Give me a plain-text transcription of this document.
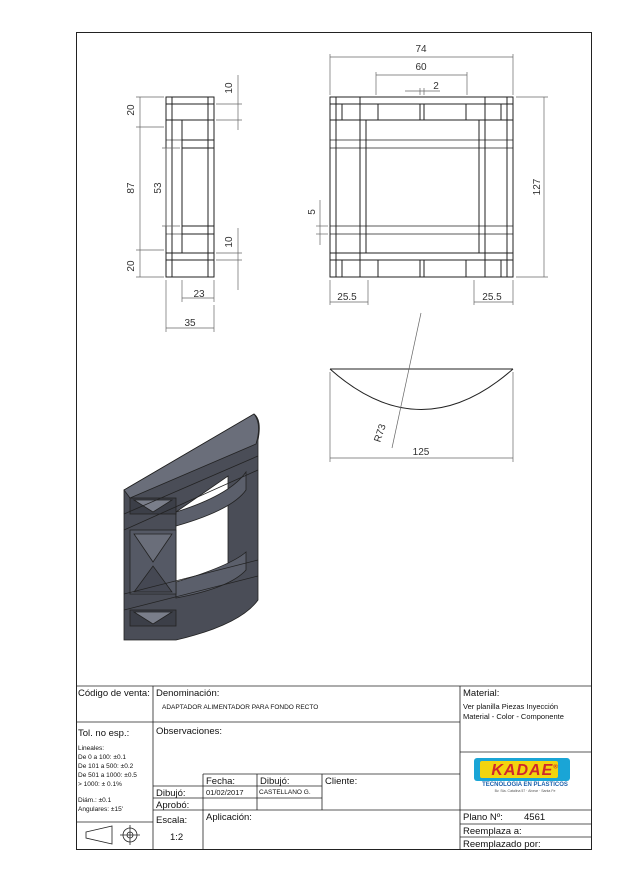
74
60
2
127
5
25.5	25.5
125
R73
20
10
87 53
10
20
23
35
Código de venta: Denominación:
ADAPTADOR ALIMENTADOR PARA FONDO RECTO
Material:
Ver planilla Piezas Inyección
Material - Color - Componente
Tol. no esp.:
Lineales:
De 0 a 100: ±0.1
De 101 a 500: ±0.2
De 501 a 1000: ±0.5
> 1000: ± 0.1%
Diám.: ±0.1
Angulares: ±15'
Observaciones:
Fecha:	Dibujó:	Cliente:
Dibujó:	01/02/2017 CASTELLANO G.
Aprobó:
Escala:
1:2
Aplicación:	Plano Nº: 4561
Reemplaza a:
Reemplazado por:
KADAE®
TECNOLOGIA EN PLASTICOS
Bv. Sta. Catalina 57 · Alvear · Santa Fe
